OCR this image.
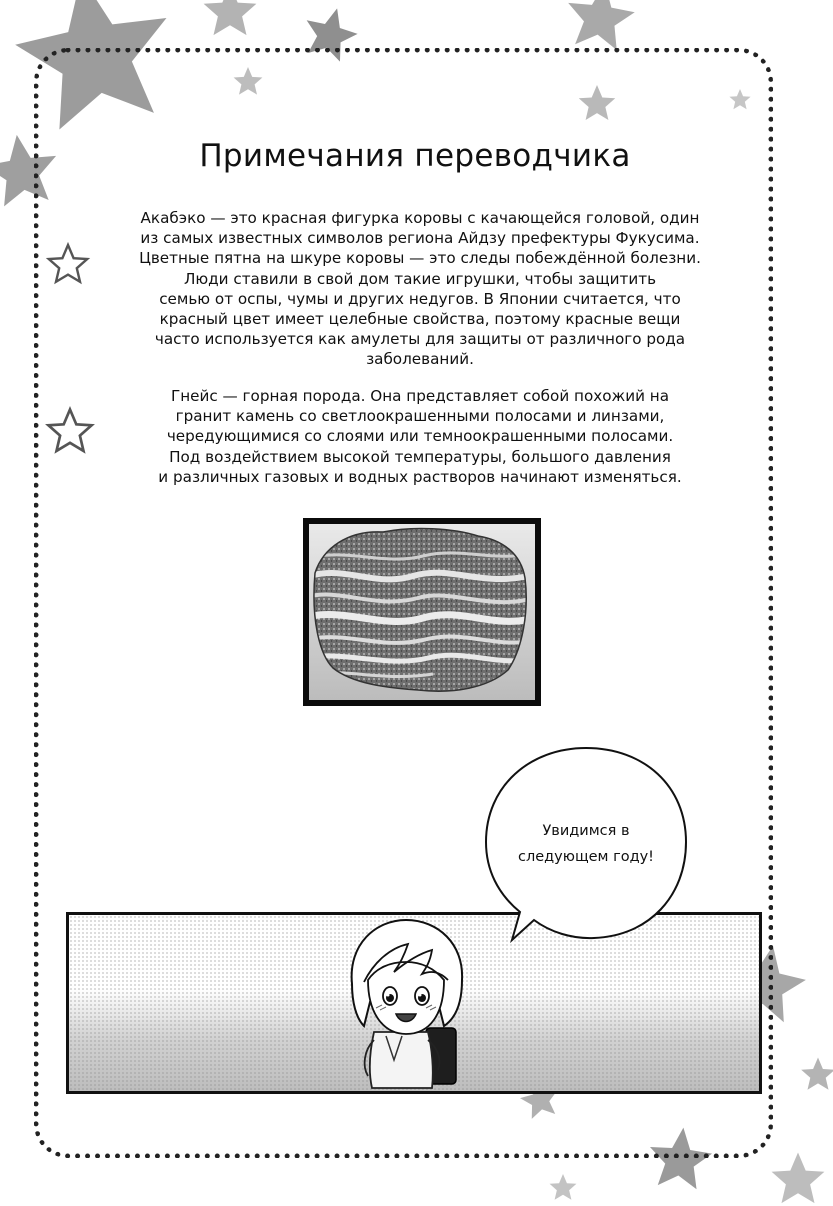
Примечания переводчика

Акабэко — это красная фигурка коровы с качающейся головой, один
из самых известных символов региона Айдзу префектуры Фукусима.
Цветные пятна на шкуре коровы — это следы побеждённой болезни.
Люди ставили в свой дом такие игрушки, чтобы защитить
семью от оспы, чумы и других недугов. В Японии считается, что
красный цвет имеет целебные свойства, поэтому красные вещи
часто используется как амулеты для защиты от различного рода
заболеваний.

Гнейс — горная порода. Она представляет собой похожий на
гранит камень со светлоокрашенными полосами и линзами,
чередующимися со слоями или темноокрашенными полосами.
Под воздействием высокой температуры, большого давления
и различных газовых и водных растворов начинают изменяться.

Увидимся в
следующем году!
